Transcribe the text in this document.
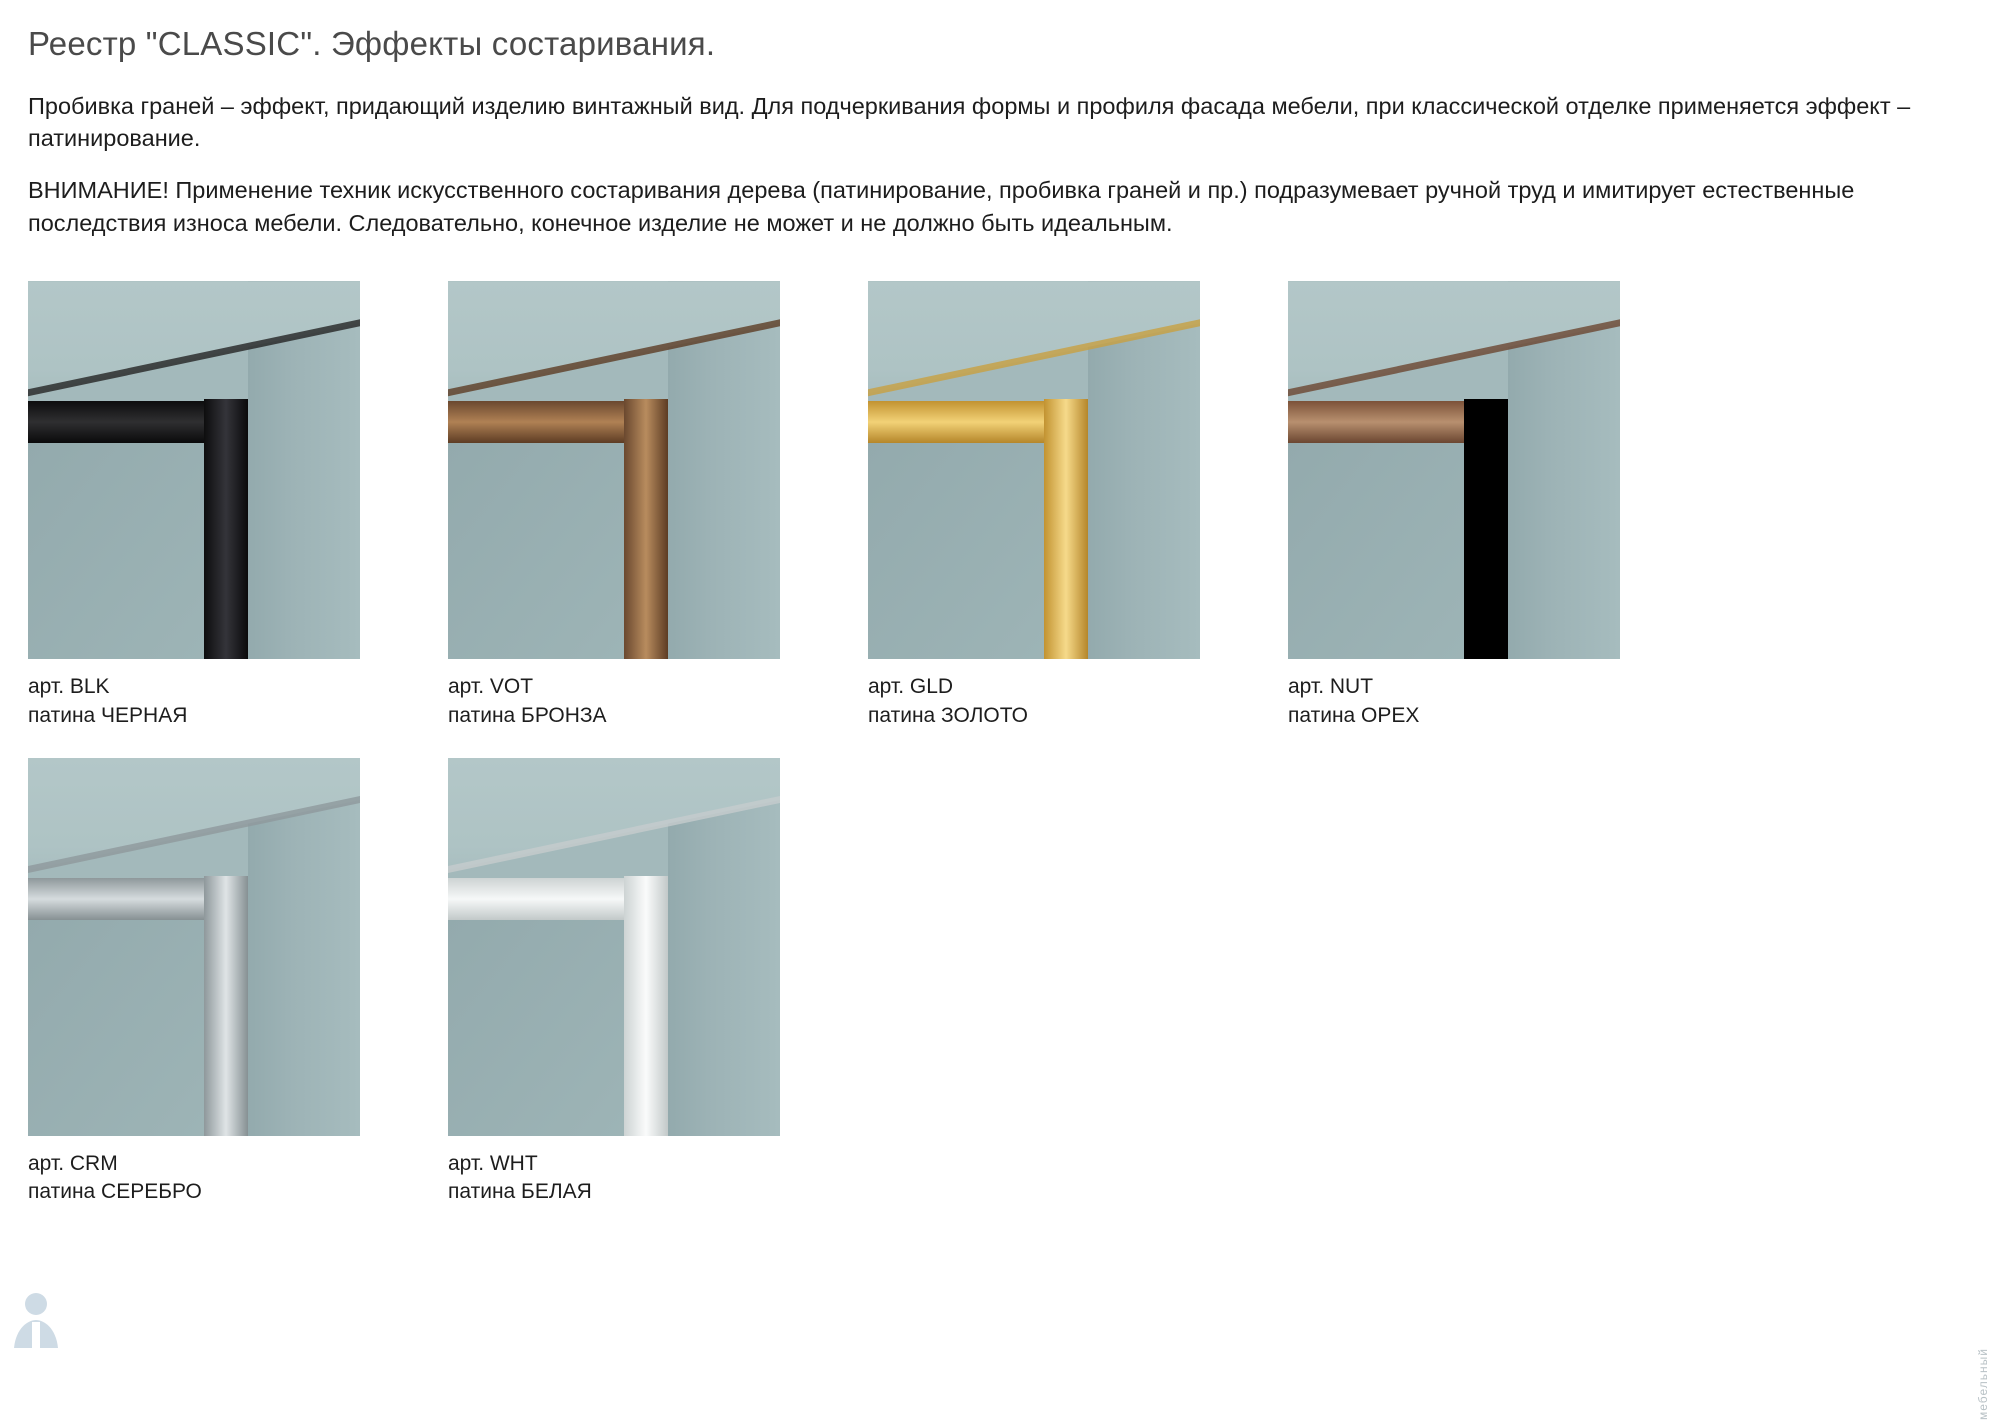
Реестр "CLASSIC". Эффекты состаривания.

Пробивка граней – эффект, придающий изделию винтажный вид. Для подчеркивания формы и профиля фасада мебели, при классической отделке применяется эффект – патинирование.

ВНИМАНИЕ! Применение техник искусственного состаривания дерева (патинирование, пробивка граней и пр.) подразумевает ручной труд и имитирует естественные последствия износа мебели. Следовательно, конечное изделие не может и не должно быть идеальным.

арт. BLK
патина ЧЕРНАЯ
арт. VOT
патина БРОНЗА
арт. GLD
патина ЗОЛОТО
арт. NUT
патина ОРЕХ
арт. CRM
патина СЕРЕБРО
арт. WHT
патина БЕЛАЯ
мебельный
